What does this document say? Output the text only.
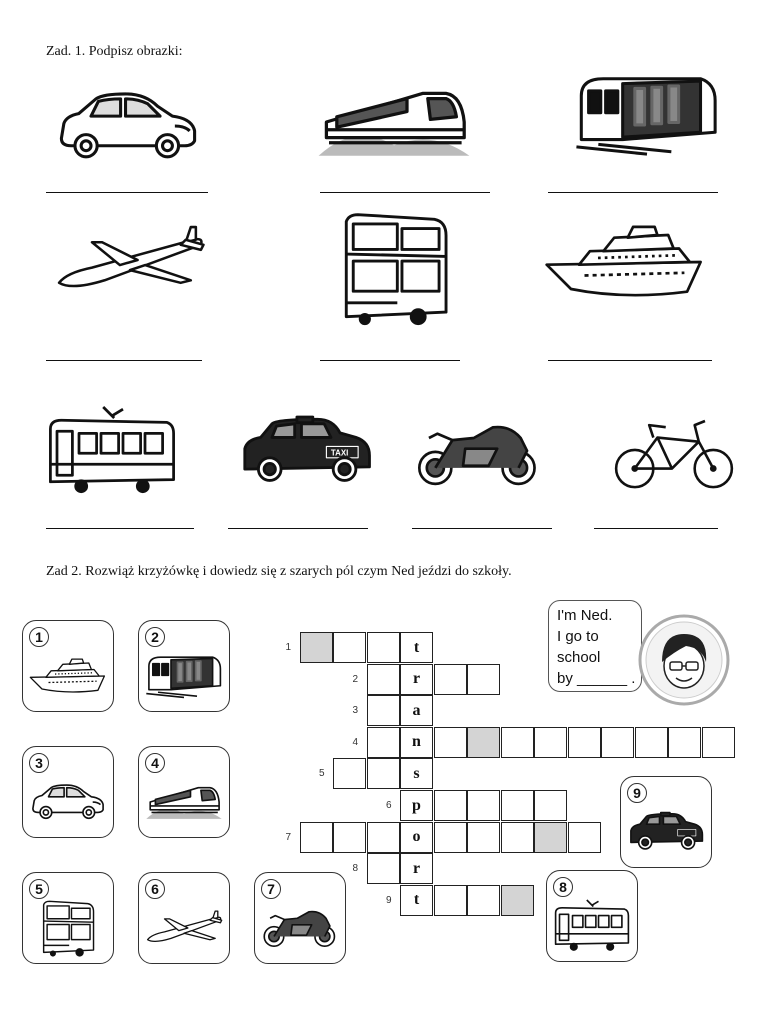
Zad. 1. Podpisz obrazki:
TAXI
Zad 2. Rozwiąż krzyżówkę i dowiedz się z szarych pól czym Ned jeździ do szkoły.
1	2
3	4
5	6	7	8
9
1	t
2	r
3	a
4	n
5	s
6	p
7	o
8	r
9	t
I'm Ned.
I go to
school
by ______ .
